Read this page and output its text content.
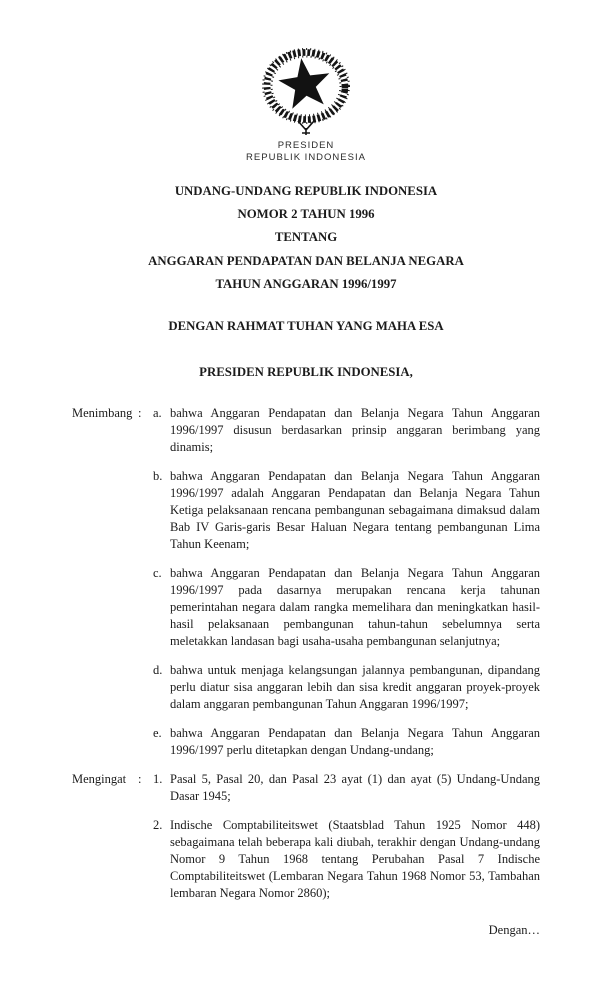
PRESIDEN
REPUBLIK INDONESIA
UNDANG-UNDANG REPUBLIK INDONESIA
NOMOR 2 TAHUN 1996
TENTANG
ANGGARAN PENDAPATAN DAN BELANJA NEGARA
TAHUN ANGGARAN 1996/1997
DENGAN RAHMAT TUHAN YANG MAHA ESA
PRESIDEN REPUBLIK INDONESIA,
Menimbang : a. bahwa Anggaran Pendapatan dan Belanja Negara Tahun Anggaran 1996/1997 disusun berdasarkan prinsip anggaran berimbang yang dinamis;
b. bahwa Anggaran Pendapatan dan Belanja Negara Tahun Anggaran 1996/1997 adalah Anggaran Pendapatan dan Belanja Negara Tahun Ketiga pelaksanaan rencana pembangunan sebagaimana dimaksud dalam Bab IV Garis-garis Besar Haluan Negara tentang pembangunan Lima Tahun Keenam;
c. bahwa Anggaran Pendapatan dan Belanja Negara Tahun Anggaran 1996/1997 pada dasarnya merupakan rencana kerja tahunan pemerintahan negara dalam rangka memelihara dan meningkatkan hasil-hasil pelaksanaan pembangunan tahun-tahun sebelumnya serta meletakkan landasan bagi usaha-usaha pembangunan selanjutnya;
d. bahwa untuk menjaga kelangsungan jalannya pembangunan, dipandang perlu diatur sisa anggaran lebih dan sisa kredit anggaran proyek-proyek dalam anggaran pembangunan Tahun Anggaran 1996/1997;
e. bahwa Anggaran Pendapatan dan Belanja Negara Tahun Anggaran 1996/1997 perlu ditetapkan dengan Undang-undang;
Mengingat : 1. Pasal 5, Pasal 20, dan Pasal 23 ayat (1) dan ayat (5) Undang-Undang Dasar 1945;
2. Indische Comptabiliteitswet (Staatsblad Tahun 1925 Nomor 448) sebagaimana telah beberapa kali diubah, terakhir dengan Undang-undang Nomor 9 Tahun 1968 tentang Perubahan Pasal 7 Indische Comptabiliteitswet (Lembaran Negara Tahun 1968 Nomor 53, Tambahan lembaran Negara Nomor 2860);
Dengan…
